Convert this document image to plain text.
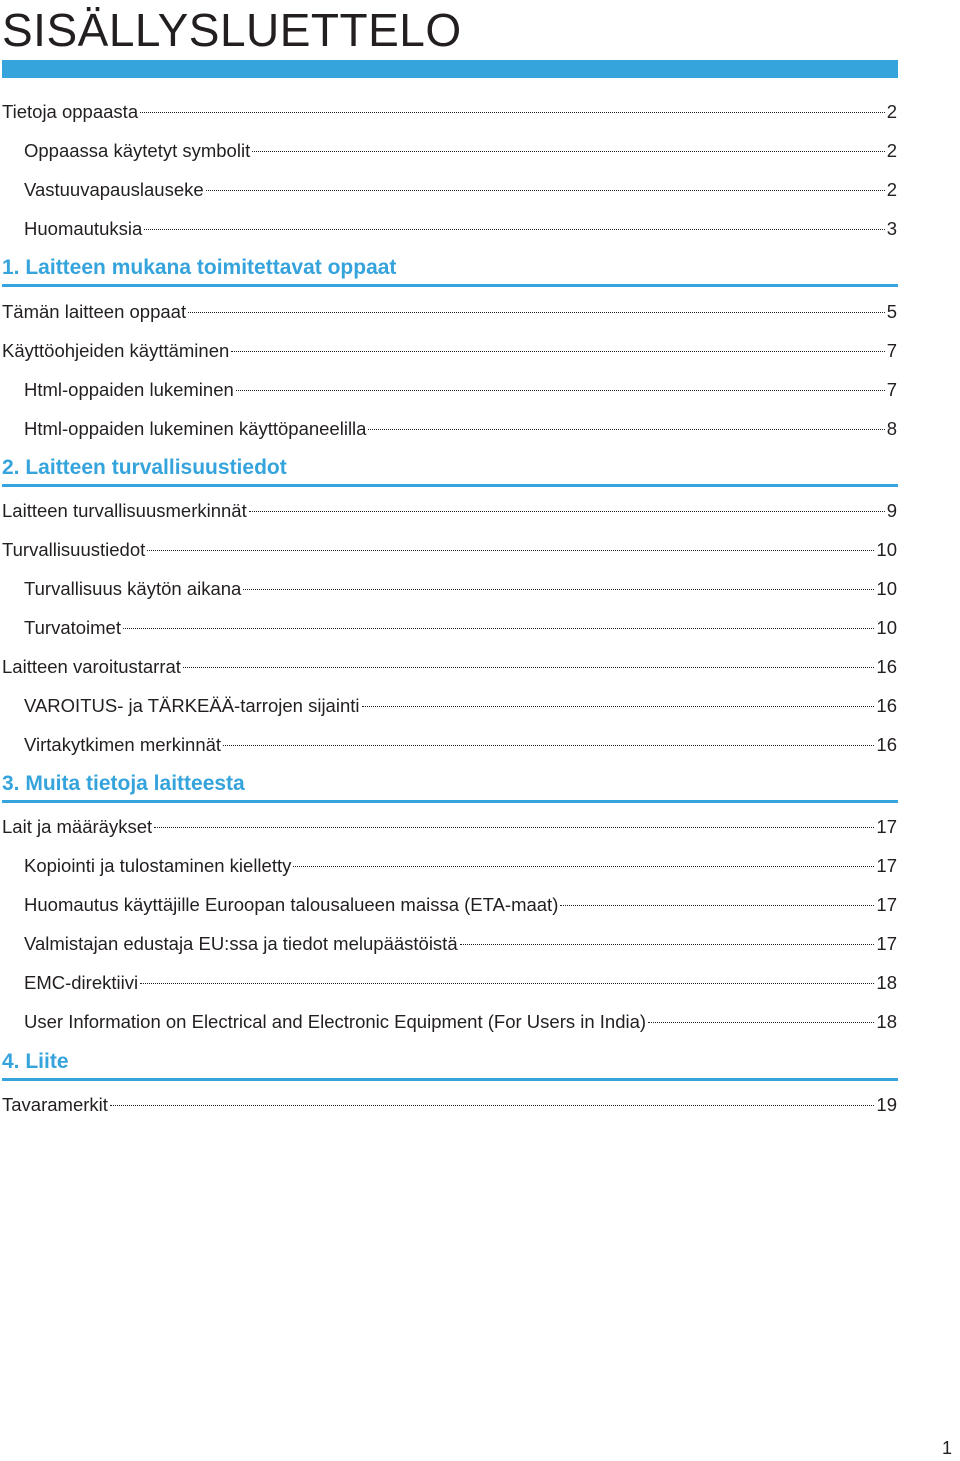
SISÄLLYSLUETTELO
Tietoja oppaasta	2
Oppaassa käytetyt symbolit	2
Vastuuvapauslauseke	2
Huomautuksia	3
1. Laitteen mukana toimitettavat oppaat
Tämän laitteen oppaat	5
Käyttöohjeiden käyttäminen	7
Html-oppaiden lukeminen	7
Html-oppaiden lukeminen käyttöpaneelilla	8
2. Laitteen turvallisuustiedot
Laitteen turvallisuusmerkinnät	9
Turvallisuustiedot	10
Turvallisuus käytön aikana	10
Turvatoimet	10
Laitteen varoitustarrat	16
VAROITUS- ja TÄRKEÄÄ-tarrojen sijainti	16
Virtakytkimen merkinnät	16
3. Muita tietoja laitteesta
Lait ja määräykset	17
Kopiointi ja tulostaminen kielletty	17
Huomautus käyttäjille Euroopan talousalueen maissa (ETA-maat)	17
Valmistajan edustaja EU:ssa ja tiedot melupäästöistä	17
EMC-direktiivi	18
User Information on Electrical and Electronic Equipment (For Users in India)	18
4. Liite
Tavaramerkit	19
1
